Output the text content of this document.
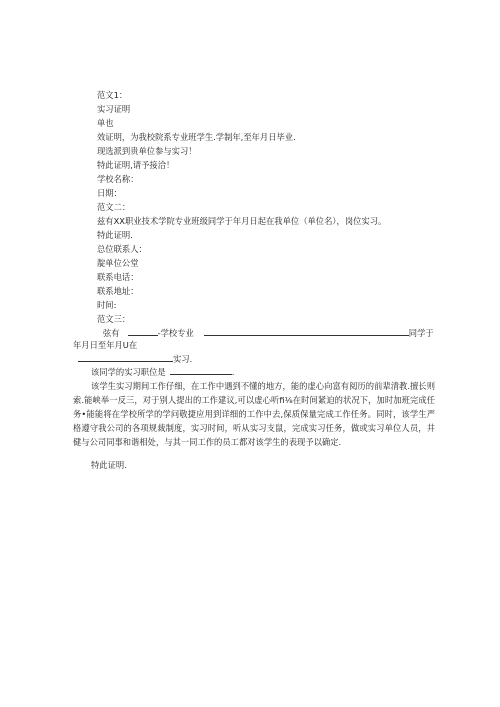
范文1：
实习证明
单也
效证明，为我校院系专业班学生.学制年,至年月日毕业.
现选派到贵单位参与实习！
特此证明,请予接洽！
学校名称：
日期：
范文二：
兹有XX职业技术学院专业班级同学于年月日起在我单位（单位名），岗位实习。
特此证明.
总位联系人：
靛单位公堂
联系电话：
联系地址：
时间:
范文三：
弦有	-学校专业	同学于
年月日至年月U在
实习.
该同学的实习职位是	.
该学生实习期间工作仔细，在工作中遇到不懂的地方，能的虚心向富有阅历的前辈清教.擅长则索.能峡举一反三，对于别人提出的工作建议,可以虚心听fi⅛在时间紧迫的状况下，加时加班完成任务•能能将在学校所学的学问敬捷应用到详细的工作中去,保质保量完成工作任务。同时，该学生严格遵守我公司的各项规裁制度，实习时间，听从实习支鼠，完成实习任务，做或实习单位人员，井健与公司同事和谐相处，与其一同工作的员工都对该学生的表现予以确定.
特此证明.
